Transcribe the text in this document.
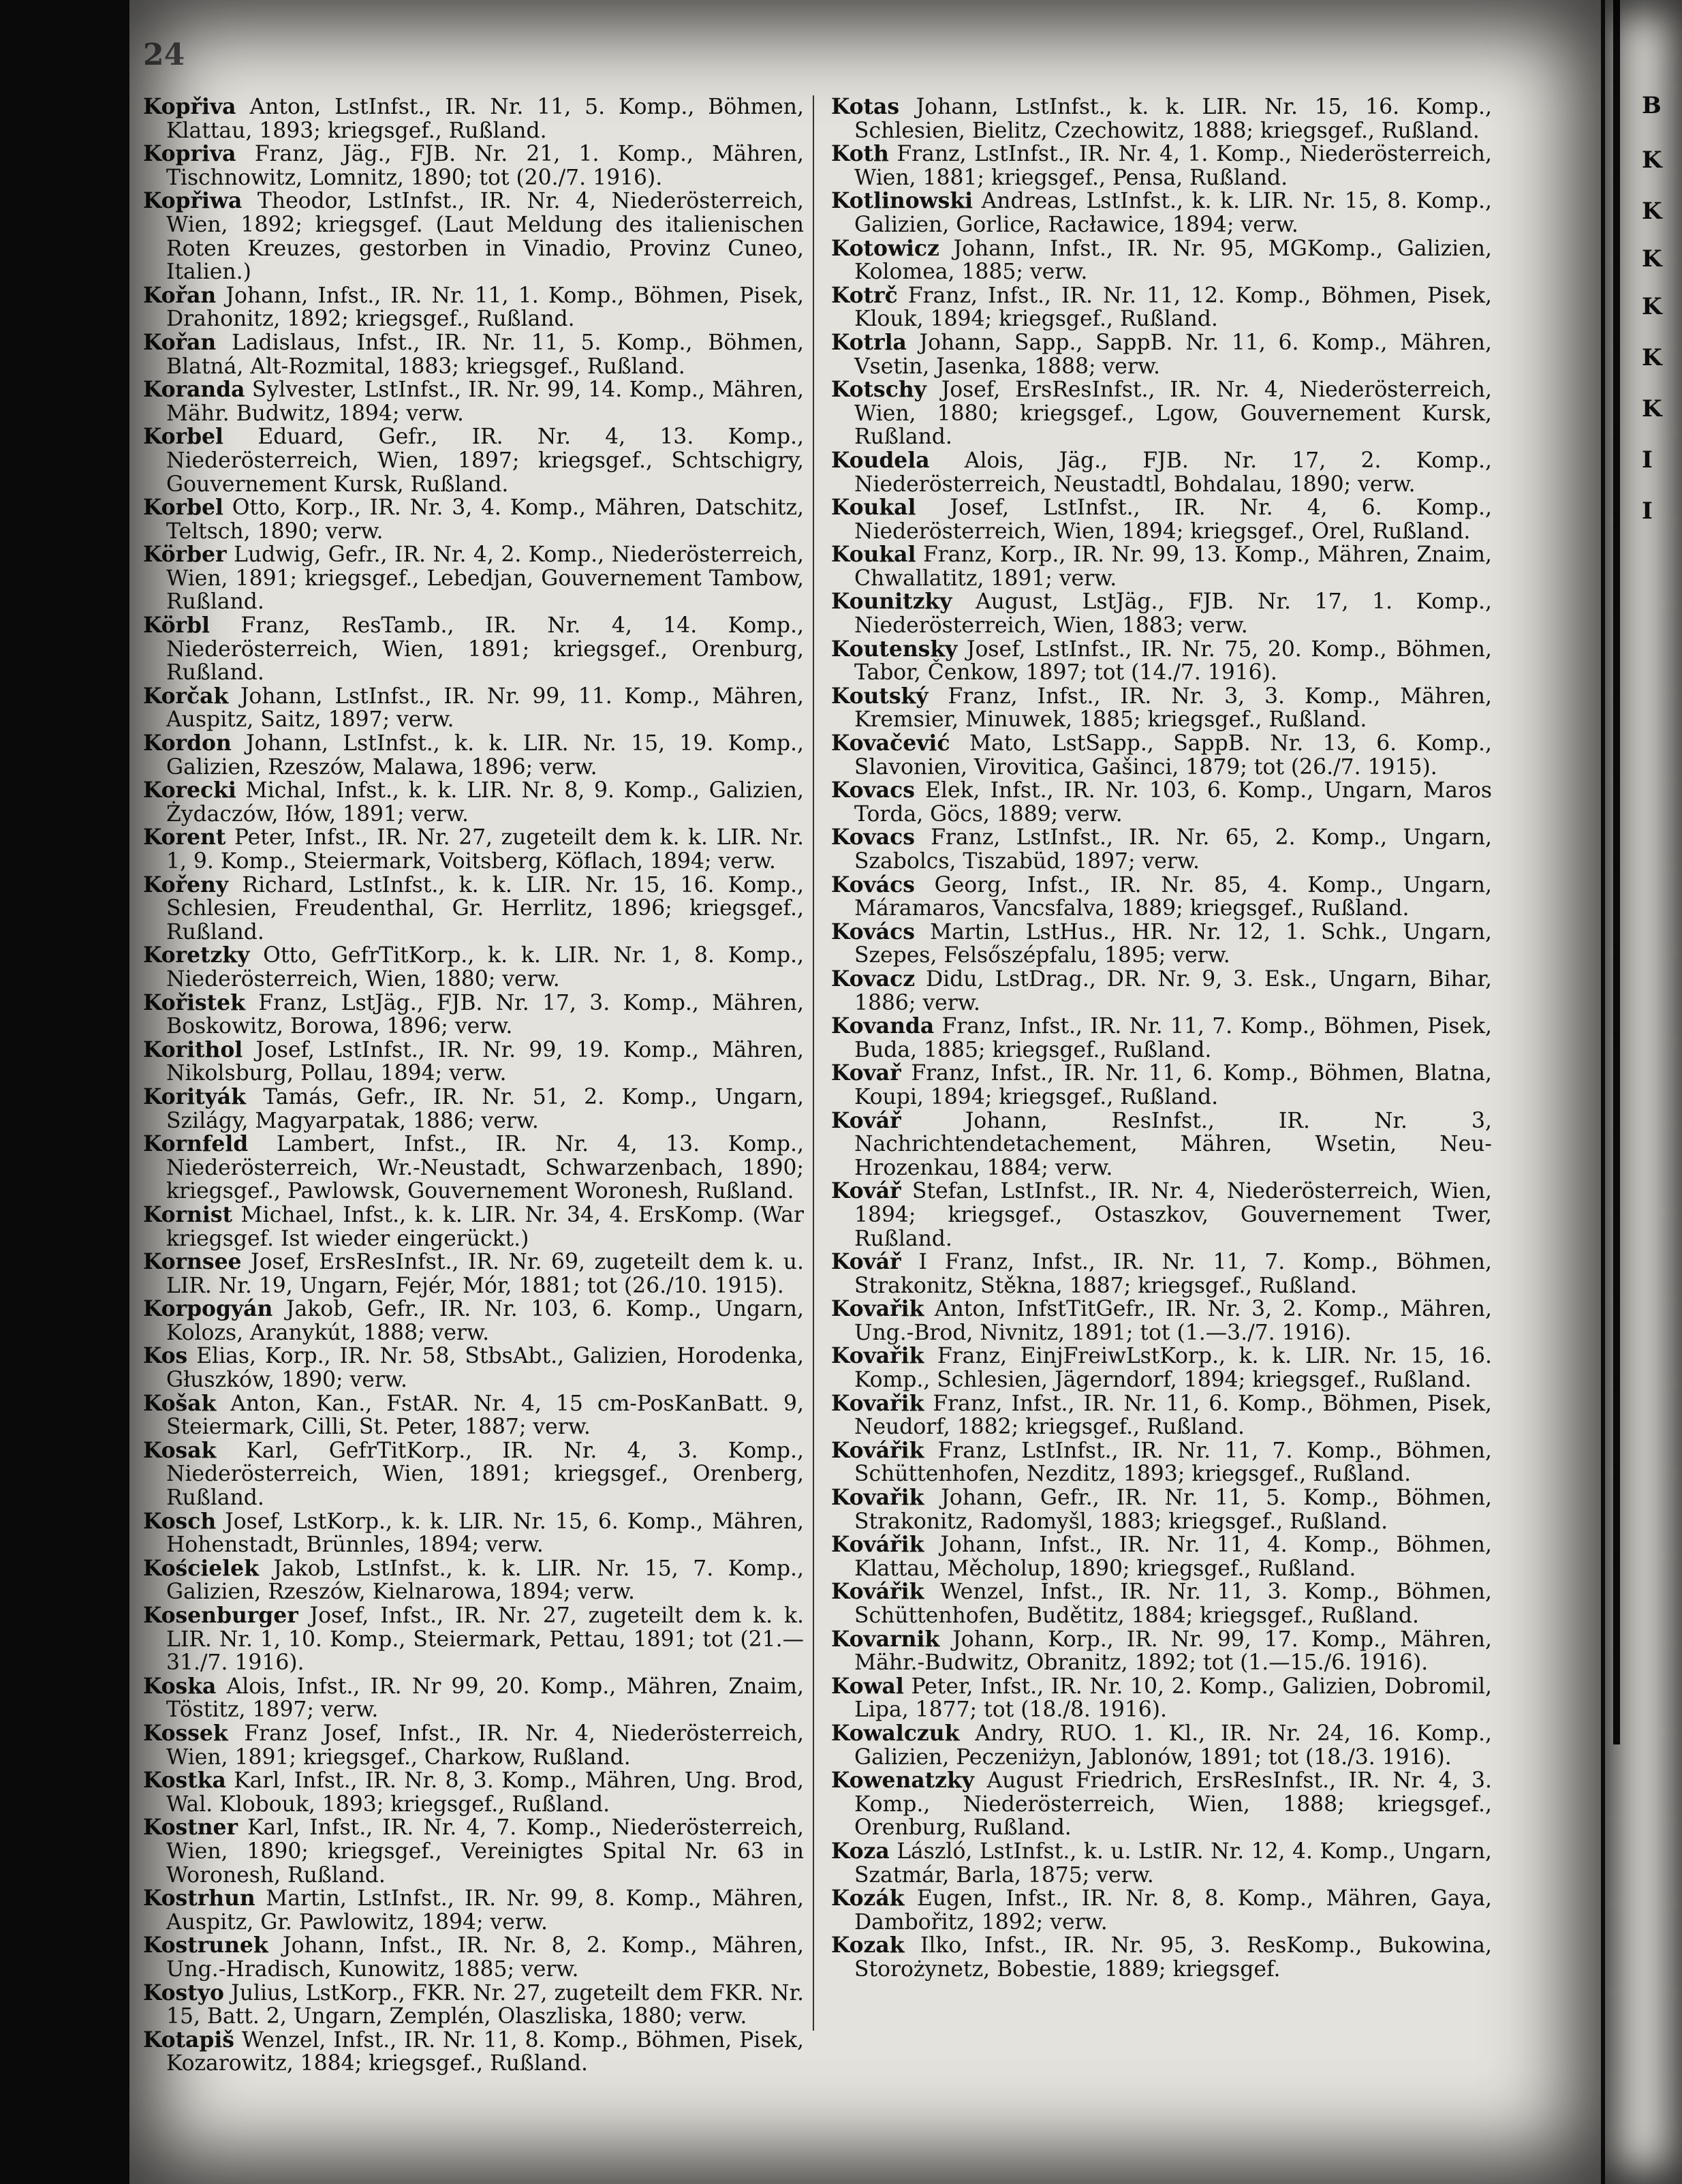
24

Kopřiva Anton, LstInfst., IR. Nr. 11, 5. Komp., Böhmen, Klattau, 1893; kriegsgef., Rußland.

Kopriva Franz, Jäg., FJB. Nr. 21, 1. Komp., Mähren, Tischnowitz, Lomnitz, 1890; tot (20./7. 1916).

Kopřiwa Theodor, LstInfst., IR. Nr. 4, Niederösterreich, Wien, 1892; kriegsgef. (Laut Meldung des italienischen Roten Kreuzes, gestorben in Vinadio, Provinz Cuneo, Italien.)

Kořan Johann, Infst., IR. Nr. 11, 1. Komp., Böhmen, Pisek, Drahonitz, 1892; kriegsgef., Rußland.

Kořan Ladislaus, Infst., IR. Nr. 11, 5. Komp., Böhmen, Blatná, Alt-Rozmital, 1883; kriegsgef., Rußland.

Koranda Sylvester, LstInfst., IR. Nr. 99, 14. Komp., Mähren, Mähr. Budwitz, 1894; verw.

Korbel Eduard, Gefr., IR. Nr. 4, 13. Komp., Niederösterreich, Wien, 1897; kriegsgef., Schtschigry, Gouvernement Kursk, Rußland.

Korbel Otto, Korp., IR. Nr. 3, 4. Komp., Mähren, Datschitz, Teltsch, 1890; verw.

Körber Ludwig, Gefr., IR. Nr. 4, 2. Komp., Niederösterreich, Wien, 1891; kriegsgef., Lebedjan, Gouvernement Tambow, Rußland.

Körbl Franz, ResTamb., IR. Nr. 4, 14. Komp., Niederösterreich, Wien, 1891; kriegsgef., Orenburg, Rußland.

Korčak Johann, LstInfst., IR. Nr. 99, 11. Komp., Mähren, Auspitz, Saitz, 1897; verw.

Kordon Johann, LstInfst., k. k. LIR. Nr. 15, 19. Komp., Galizien, Rzeszów, Malawa, 1896; verw.

Korecki Michal, Infst., k. k. LIR. Nr. 8, 9. Komp., Galizien, Żydaczów, Iłów, 1891; verw.

Korent Peter, Infst., IR. Nr. 27, zugeteilt dem k. k. LIR. Nr. 1, 9. Komp., Steiermark, Voitsberg, Köflach, 1894; verw.

Kořeny Richard, LstInfst., k. k. LIR. Nr. 15, 16. Komp., Schlesien, Freudenthal, Gr. Herrlitz, 1896; kriegsgef., Rußland.

Koretzky Otto, GefrTitKorp., k. k. LIR. Nr. 1, 8. Komp., Niederösterreich, Wien, 1880; verw.

Kořistek Franz, LstJäg., FJB. Nr. 17, 3. Komp., Mähren, Boskowitz, Borowa, 1896; verw.

Korithol Josef, LstInfst., IR. Nr. 99, 19. Komp., Mähren, Nikolsburg, Pollau, 1894; verw.

Korityák Tamás, Gefr., IR. Nr. 51, 2. Komp., Ungarn, Szilágy, Magyarpatak, 1886; verw.

Kornfeld Lambert, Infst., IR. Nr. 4, 13. Komp., Niederösterreich, Wr.-Neustadt, Schwarzenbach, 1890; kriegsgef., Pawlowsk, Gouvernement Woronesh, Rußland.

Kornist Michael, Infst., k. k. LIR. Nr. 34, 4. ErsKomp. (War kriegsgef. Ist wieder eingerückt.)

Kornsee Josef, ErsResInfst., IR. Nr. 69, zugeteilt dem k. u. LIR. Nr. 19, Ungarn, Fejér, Mór, 1881; tot (26./10. 1915).

Korpogyán Jakob, Gefr., IR. Nr. 103, 6. Komp., Ungarn, Kolozs, Aranykút, 1888; verw.

Kos Elias, Korp., IR. Nr. 58, StbsAbt., Galizien, Horodenka, Głuszków, 1890; verw.

Košak Anton, Kan., FstAR. Nr. 4, 15 cm-PosKanBatt. 9, Steiermark, Cilli, St. Peter, 1887; verw.

Kosak Karl, GefrTitKorp., IR. Nr. 4, 3. Komp., Niederösterreich, Wien, 1891; kriegsgef., Orenberg, Rußland.

Kosch Josef, LstKorp., k. k. LIR. Nr. 15, 6. Komp., Mähren, Hohenstadt, Brünnles, 1894; verw.

Kościelek Jakob, LstInfst., k. k. LIR. Nr. 15, 7. Komp., Galizien, Rzeszów, Kielnarowa, 1894; verw.

Kosenburger Josef, Infst., IR. Nr. 27, zugeteilt dem k. k. LIR. Nr. 1, 10. Komp., Steiermark, Pettau, 1891; tot (21.—31./7. 1916).

Koska Alois, Infst., IR. Nr 99, 20. Komp., Mähren, Znaim, Töstitz, 1897; verw.

Kossek Franz Josef, Infst., IR. Nr. 4, Niederösterreich, Wien, 1891; kriegsgef., Charkow, Rußland.

Kostka Karl, Infst., IR. Nr. 8, 3. Komp., Mähren, Ung. Brod, Wal. Klobouk, 1893; kriegsgef., Rußland.

Kostner Karl, Infst., IR. Nr. 4, 7. Komp., Niederösterreich, Wien, 1890; kriegsgef., Vereinigtes Spital Nr. 63 in Woronesh, Rußland.

Kostrhun Martin, LstInfst., IR. Nr. 99, 8. Komp., Mähren, Auspitz, Gr. Pawlowitz, 1894; verw.

Kostrunek Johann, Infst., IR. Nr. 8, 2. Komp., Mähren, Ung.-Hradisch, Kunowitz, 1885; verw.

Kostyo Julius, LstKorp., FKR. Nr. 27, zugeteilt dem FKR. Nr. 15, Batt. 2, Ungarn, Zemplén, Olaszliska, 1880; verw.

Kotapiš Wenzel, Infst., IR. Nr. 11, 8. Komp., Böhmen, Pisek, Kozarowitz, 1884; kriegsgef., Rußland.

Kotas Johann, LstInfst., k. k. LIR. Nr. 15, 16. Komp., Schlesien, Bielitz, Czechowitz, 1888; kriegsgef., Rußland.

Koth Franz, LstInfst., IR. Nr. 4, 1. Komp., Niederösterreich, Wien, 1881; kriegsgef., Pensa, Rußland.

Kotlinowski Andreas, LstInfst., k. k. LIR. Nr. 15, 8. Komp., Galizien, Gorlice, Racławice, 1894; verw.

Kotowicz Johann, Infst., IR. Nr. 95, MGKomp., Galizien, Kolomea, 1885; verw.

Kotrč Franz, Infst., IR. Nr. 11, 12. Komp., Böhmen, Pisek, Klouk, 1894; kriegsgef., Rußland.

Kotrla Johann, Sapp., SappB. Nr. 11, 6. Komp., Mähren, Vsetin, Jasenka, 1888; verw.

Kotschy Josef, ErsResInfst., IR. Nr. 4, Niederösterreich, Wien, 1880; kriegsgef., Lgow, Gouvernement Kursk, Rußland.

Koudela Alois, Jäg., FJB. Nr. 17, 2. Komp., Niederösterreich, Neustadtl, Bohdalau, 1890; verw.

Koukal Josef, LstInfst., IR. Nr. 4, 6. Komp., Niederösterreich, Wien, 1894; kriegsgef., Orel, Rußland.

Koukal Franz, Korp., IR. Nr. 99, 13. Komp., Mähren, Znaim, Chwallatitz, 1891; verw.

Kounitzky August, LstJäg., FJB. Nr. 17, 1. Komp., Niederösterreich, Wien, 1883; verw.

Koutensky Josef, LstInfst., IR. Nr. 75, 20. Komp., Böhmen, Tabor, Čenkow, 1897; tot (14./7. 1916).

Koutský Franz, Infst., IR. Nr. 3, 3. Komp., Mähren, Kremsier, Minuwek, 1885; kriegsgef., Rußland.

Kovačević Mato, LstSapp., SappB. Nr. 13, 6. Komp., Slavonien, Virovitica, Gašinci, 1879; tot (26./7. 1915).

Kovacs Elek, Infst., IR. Nr. 103, 6. Komp., Ungarn, Maros Torda, Göcs, 1889; verw.

Kovacs Franz, LstInfst., IR. Nr. 65, 2. Komp., Ungarn, Szabolcs, Tiszabüd, 1897; verw.

Kovács Georg, Infst., IR. Nr. 85, 4. Komp., Ungarn, Máramaros, Vancsfalva, 1889; kriegsgef., Rußland.

Kovács Martin, LstHus., HR. Nr. 12, 1. Schk., Ungarn, Szepes, Felsőszépfalu, 1895; verw.

Kovacz Didu, LstDrag., DR. Nr. 9, 3. Esk., Ungarn, Bihar, 1886; verw.

Kovanda Franz, Infst., IR. Nr. 11, 7. Komp., Böhmen, Pisek, Buda, 1885; kriegsgef., Rußland.

Kovař Franz, Infst., IR. Nr. 11, 6. Komp., Böhmen, Blatna, Koupi, 1894; kriegsgef., Rußland.

Kovář Johann, ResInfst., IR. Nr. 3, Nachrichtendetachement, Mähren, Wsetin, Neu-Hrozenkau, 1884; verw.

Kovář Stefan, LstInfst., IR. Nr. 4, Niederösterreich, Wien, 1894; kriegsgef., Ostaszkov, Gouvernement Twer, Rußland.

Kovář I Franz, Infst., IR. Nr. 11, 7. Komp., Böhmen, Strakonitz, Stěkna, 1887; kriegsgef., Rußland.

Kovařik Anton, InfstTitGefr., IR. Nr. 3, 2. Komp., Mähren, Ung.-Brod, Nivnitz, 1891; tot (1.—3./7. 1916).

Kovařik Franz, EinjFreiwLstKorp., k. k. LIR. Nr. 15, 16. Komp., Schlesien, Jägerndorf, 1894; kriegsgef., Rußland.

Kovařik Franz, Infst., IR. Nr. 11, 6. Komp., Böhmen, Pisek, Neudorf, 1882; kriegsgef., Rußland.

Kovářik Franz, LstInfst., IR. Nr. 11, 7. Komp., Böhmen, Schüttenhofen, Nezditz, 1893; kriegsgef., Rußland.

Kovařik Johann, Gefr., IR. Nr. 11, 5. Komp., Böhmen, Strakonitz, Radomyšl, 1883; kriegsgef., Rußland.

Kovářik Johann, Infst., IR. Nr. 11, 4. Komp., Böhmen, Klattau, Měcholup, 1890; kriegsgef., Rußland.

Kovářik Wenzel, Infst., IR. Nr. 11, 3. Komp., Böhmen, Schüttenhofen, Budětitz, 1884; kriegsgef., Rußland.

Kovarnik Johann, Korp., IR. Nr. 99, 17. Komp., Mähren, Mähr.-Budwitz, Obranitz, 1892; tot (1.—15./6. 1916).

Kowal Peter, Infst., IR. Nr. 10, 2. Komp., Galizien, Dobromil, Lipa, 1877; tot (18./8. 1916).

Kowalczuk Andry, RUO. 1. Kl., IR. Nr. 24, 16. Komp., Galizien, Peczeniżyn, Jablonów, 1891; tot (18./3. 1916).

Kowenatzky August Friedrich, ErsResInfst., IR. Nr. 4, 3. Komp., Niederösterreich, Wien, 1888; kriegsgef., Orenburg, Rußland.

Koza László, LstInfst., k. u. LstIR. Nr. 12, 4. Komp., Ungarn, Szatmár, Barla, 1875; verw.

Kozák Eugen, Infst., IR. Nr. 8, 8. Komp., Mähren, Gaya, Dambořitz, 1892; verw.

Kozak Ilko, Infst., IR. Nr. 95, 3. ResKomp., Bukowina, Storożynetz, Bobestie, 1889; kriegsgef.

B
K
K
K
K
K
K
I
I
